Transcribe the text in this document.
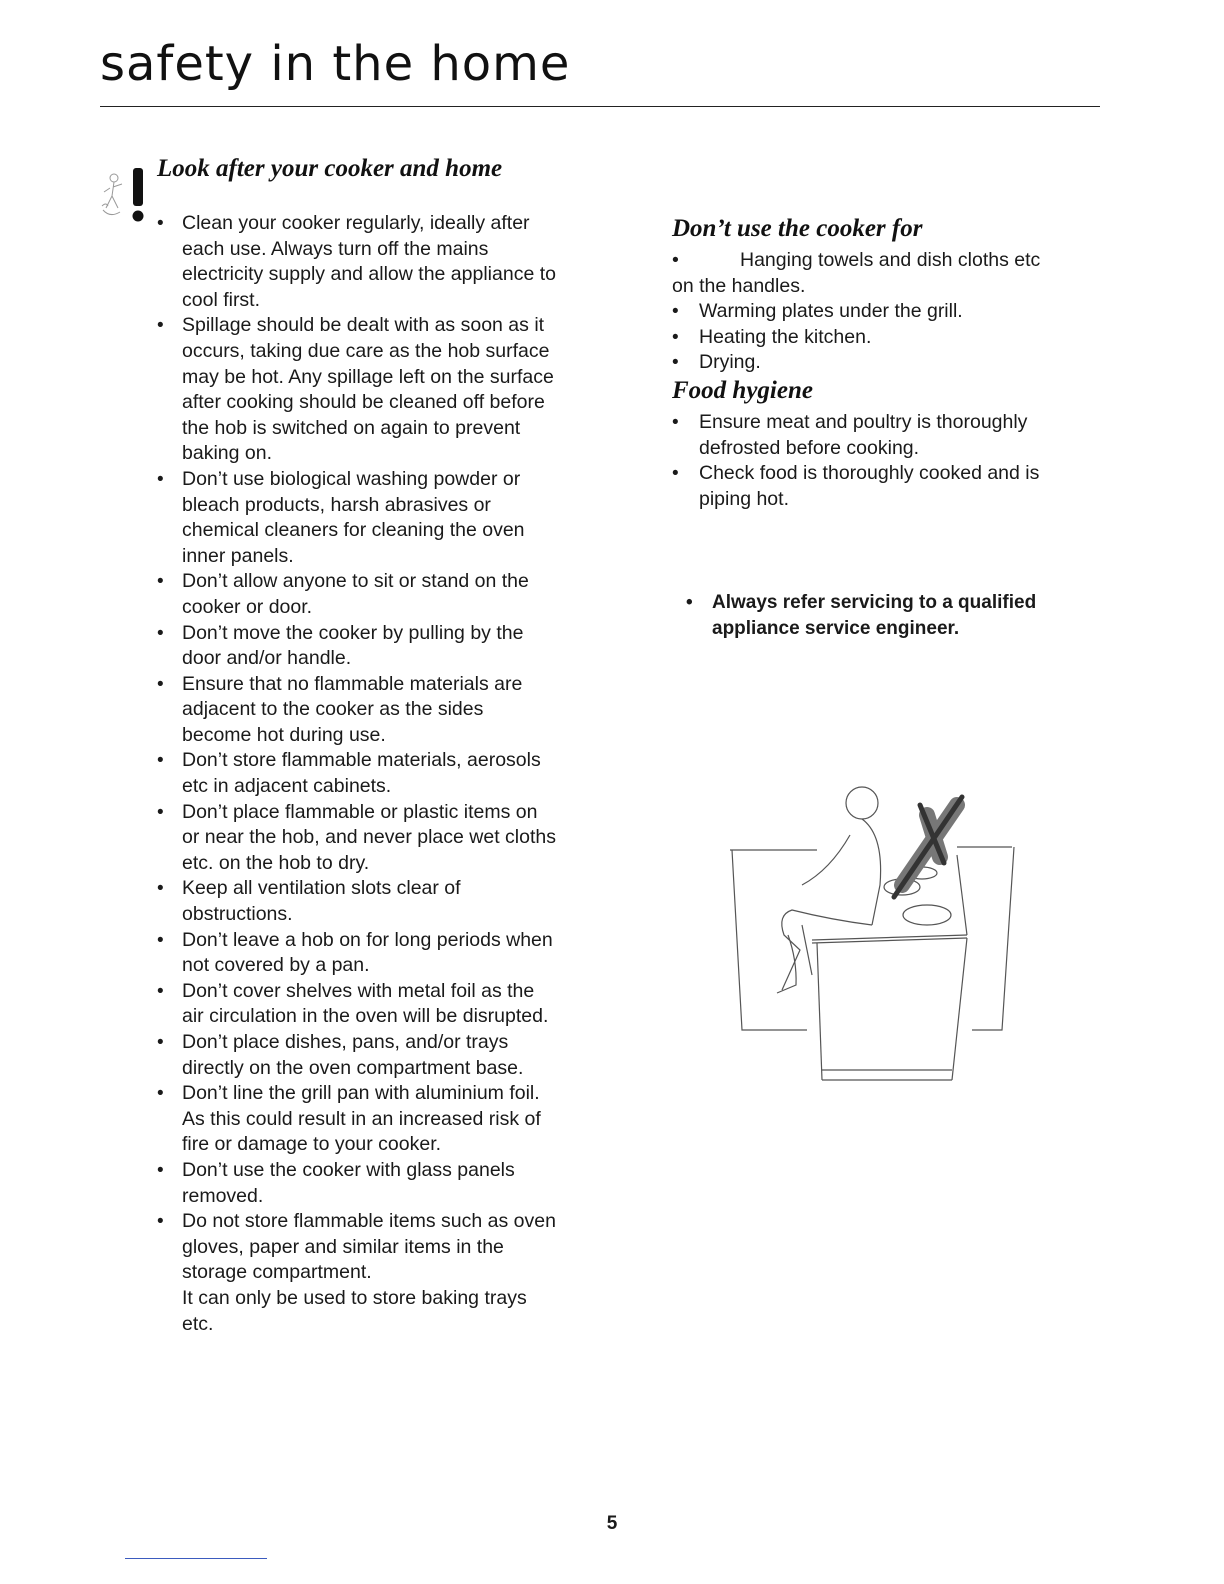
safety in the home
Look after your cooker and home
• Clean your cooker regularly, ideally after each use. Always turn off the mains electricity supply and allow the appliance to cool first.
• Spillage should be dealt with as soon as it
occurs, taking due care as the hob surface may be hot. Any spillage left on the surface after cooking should be cleaned off before the hob is switched on again to prevent baking on.
• Don’t use biological washing powder or bleach products, harsh abrasives or chemical cleaners for cleaning the oven inner panels.
• Don’t allow anyone to sit or stand on the cooker or door.
• Don’t move the cooker by pulling by the door and/or handle.
• Ensure that no flammable materials are adjacent to the cooker as the sides become hot during use.
• Don’t store flammable materials, aerosols etc in adjacent cabinets.
• Don’t place flammable or plastic items on or near the hob, and never place wet cloths etc. on the hob to dry.
• Keep all ventilation slots clear of obstructions.
• Don’t leave a hob on for long periods when not covered by a pan.
• Don’t cover shelves with metal foil as the air circulation in the oven will be disrupted.
• Don’t place dishes, pans, and/or trays directly on the oven compartment base.
• Don’t line the grill pan with aluminium foil.
As this could result in an increased risk of fire or damage to your cooker.
• Don’t use the cooker with glass panels removed.
• Do not store flammable items such as oven gloves, paper and similar items in the storage compartment.
It can only be used to store baking trays etc.
Don’t use the cooker for
•	Hanging towels and dish cloths etc
on the handles.
• Warming plates under the grill.
• Heating the kitchen.
• Drying.
Food hygiene
• Ensure meat and poultry is thoroughly defrosted before cooking.
• Check food is thoroughly cooked and is piping hot.
• Always refer servicing to a qualified appliance service engineer.
5
